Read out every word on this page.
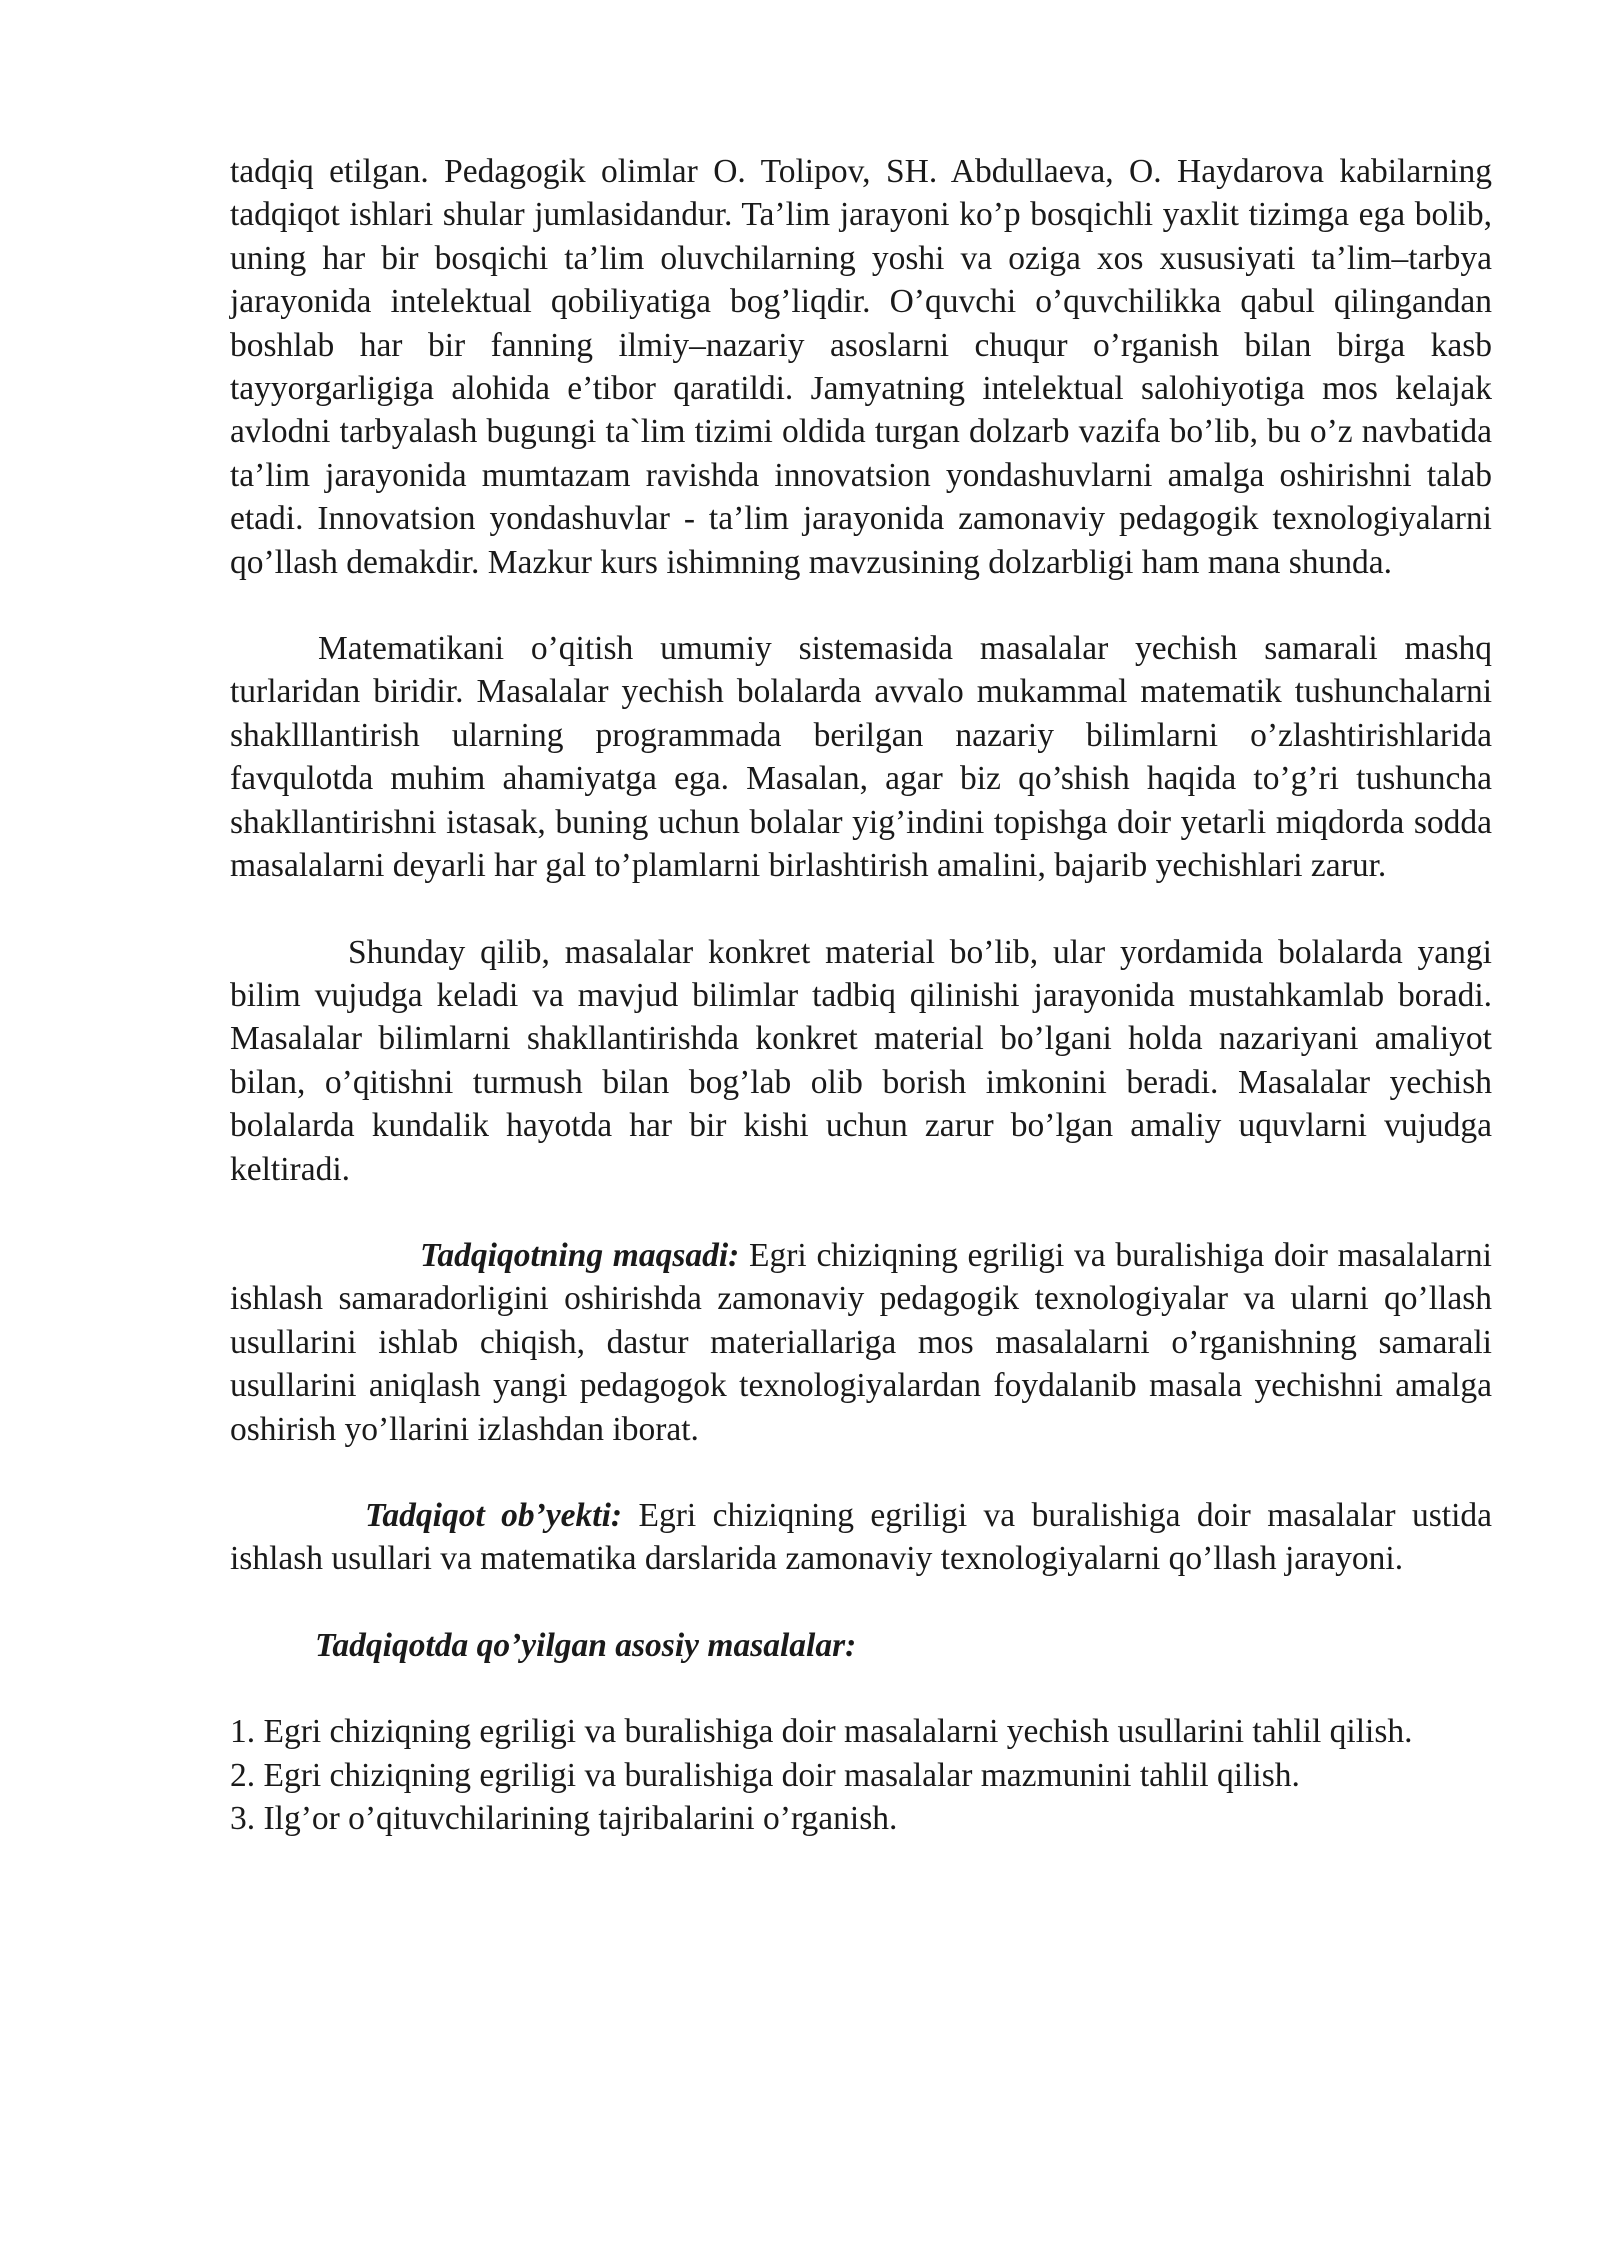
tadqiq etilgan. Pedagogik olimlar O. Tolipov, SH. Abdullaeva, O. Haydarova kabilarning tadqiqot ishlari shular jumlasidandur. Ta’lim jarayoni ko’p bosqichli yaxlit tizimga ega bolib, uning har bir bosqichi ta’lim oluvchilarning yoshi va oziga xos xususiyati ta’lim–tarbya jarayonida intelektual qobiliyatiga bog’liqdir. O’quvchi o’quvchilikka qabul qilingandan boshlab har bir fanning ilmiy–nazariy asoslarni chuqur o’rganish bilan birga kasb tayyorgarligiga alohida e’tibor qaratildi. Jamyatning intelektual salohiyotiga mos kelajak avlodni tarbyalash bugungi ta`lim tizimi oldida turgan dolzarb vazifa bo’lib, bu o’z navbatida ta’lim jarayonida mumtazam ravishda innovatsion yondashuvlarni amalga oshirishni talab etadi. Innovatsion yondashuvlar - ta’lim jarayonida zamonaviy pedagogik texnologiyalarni qo’llash demakdir. Mazkur kurs ishimning mavzusining dolzarbligi ham mana shunda.

Matematikani o’qitish umumiy sistemasida masalalar yechish samarali mashq turlaridan biridir. Masalalar yechish bolalarda avvalo mukammal matematik tushunchalarni shaklllantirish ularning programmada berilgan nazariy bilimlarni o’zlashtirishlarida favqulotda muhim ahamiyatga ega. Masalan, agar biz qo’shish haqida to’g’ri tushuncha shakllantirishni istasak, buning uchun bolalar yig’indini topishga doir yetarli miqdorda sodda masalalarni deyarli har gal to’plamlarni birlashtirish amalini, bajarib yechishlari zarur.

Shunday qilib, masalalar konkret material bo’lib, ular yordamida bolalarda yangi bilim vujudga keladi va mavjud bilimlar tadbiq qilinishi jarayonida mustahkamlab boradi. Masalalar bilimlarni shakllantirishda konkret material bo’lgani holda nazariyani amaliyot bilan, o’qitishni turmush bilan bog’lab olib borish imkonini beradi. Masalalar yechish bolalarda kundalik hayotda har bir kishi uchun zarur bo’lgan amaliy uquvlarni vujudga keltiradi.

Tadqiqotning maqsadi: Egri chiziqning egriligi va buralishiga doir masalalarni ishlash samaradorligini oshirishda zamonaviy pedagogik texnologiyalar va ularni qo’llash usullarini ishlab chiqish, dastur materiallariga mos masalalarni o’rganishning samarali usullarini aniqlash yangi pedagogok texnologiyalardan foydalanib masala yechishni amalga oshirish yo’llarini izlashdan iborat.

Tadqiqot ob’yekti: Egri chiziqning egriligi va buralishiga doir masalalar ustida ishlash usullari va matematika darslarida zamonaviy texnologiyalarni qo’llash jarayoni.

Tadqiqotda qo’yilgan asosiy masalalar:

1. Egri chiziqning egriligi va buralishiga doir masalalarni yechish usullarini tahlil qilish.

2. Egri chiziqning egriligi va buralishiga doir masalalar mazmunini tahlil qilish.

3. Ilg’or o’qituvchilarining tajribalarini o’rganish.
